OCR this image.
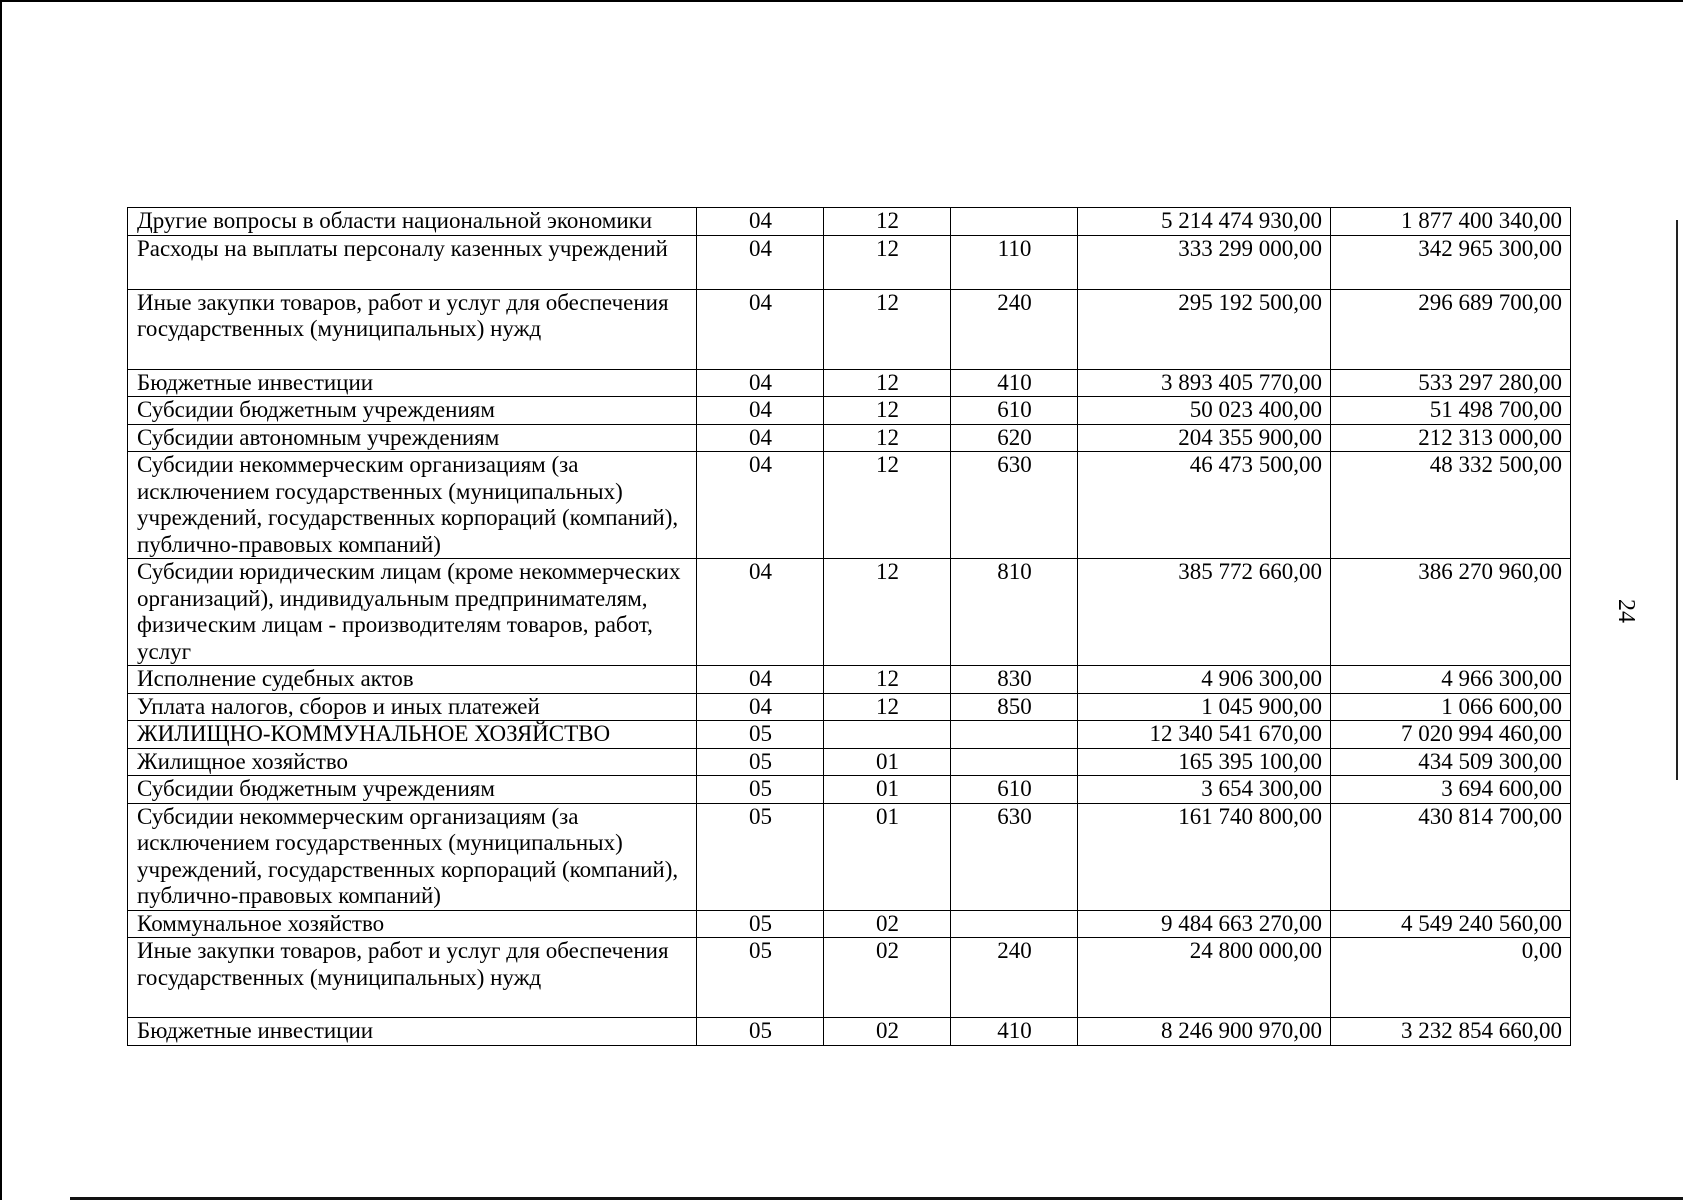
24
Другие вопросы в области национальной экономики	04	12		5 214 474 930,00	1 877 400 340,00
Расходы на выплаты персоналу казенных учреждений	04	12	110	333 299 000,00	342 965 300,00
Иные закупки товаров, работ и услуг для обеспечения государственных (муниципальных) нужд	04	12	240	295 192 500,00	296 689 700,00
Бюджетные инвестиции	04	12	410	3 893 405 770,00	533 297 280,00
Субсидии бюджетным учреждениям	04	12	610	50 023 400,00	51 498 700,00
Субсидии автономным учреждениям	04	12	620	204 355 900,00	212 313 000,00
Субсидии некоммерческим организациям (за исключением государственных (муниципальных) учреждений, государственных корпораций (компаний), публично-правовых компаний)	04	12	630	46 473 500,00	48 332 500,00
Субсидии юридическим лицам (кроме некоммерческих организаций), индивидуальным предпринимателям, физическим лицам - производителям товаров, работ, услуг	04	12	810	385 772 660,00	386 270 960,00
Исполнение судебных актов	04	12	830	4 906 300,00	4 966 300,00
Уплата налогов, сборов и иных платежей	04	12	850	1 045 900,00	1 066 600,00
ЖИЛИЩНО-КОММУНАЛЬНОЕ ХОЗЯЙСТВО	05			12 340 541 670,00	7 020 994 460,00
Жилищное хозяйство	05	01		165 395 100,00	434 509 300,00
Субсидии бюджетным учреждениям	05	01	610	3 654 300,00	3 694 600,00
Субсидии некоммерческим организациям (за исключением государственных (муниципальных) учреждений, государственных корпораций (компаний), публично-правовых компаний)	05	01	630	161 740 800,00	430 814 700,00
Коммунальное хозяйство	05	02		9 484 663 270,00	4 549 240 560,00
Иные закупки товаров, работ и услуг для обеспечения государственных (муниципальных) нужд	05	02	240	24 800 000,00	0,00
Бюджетные инвестиции	05	02	410	8 246 900 970,00	3 232 854 660,00
